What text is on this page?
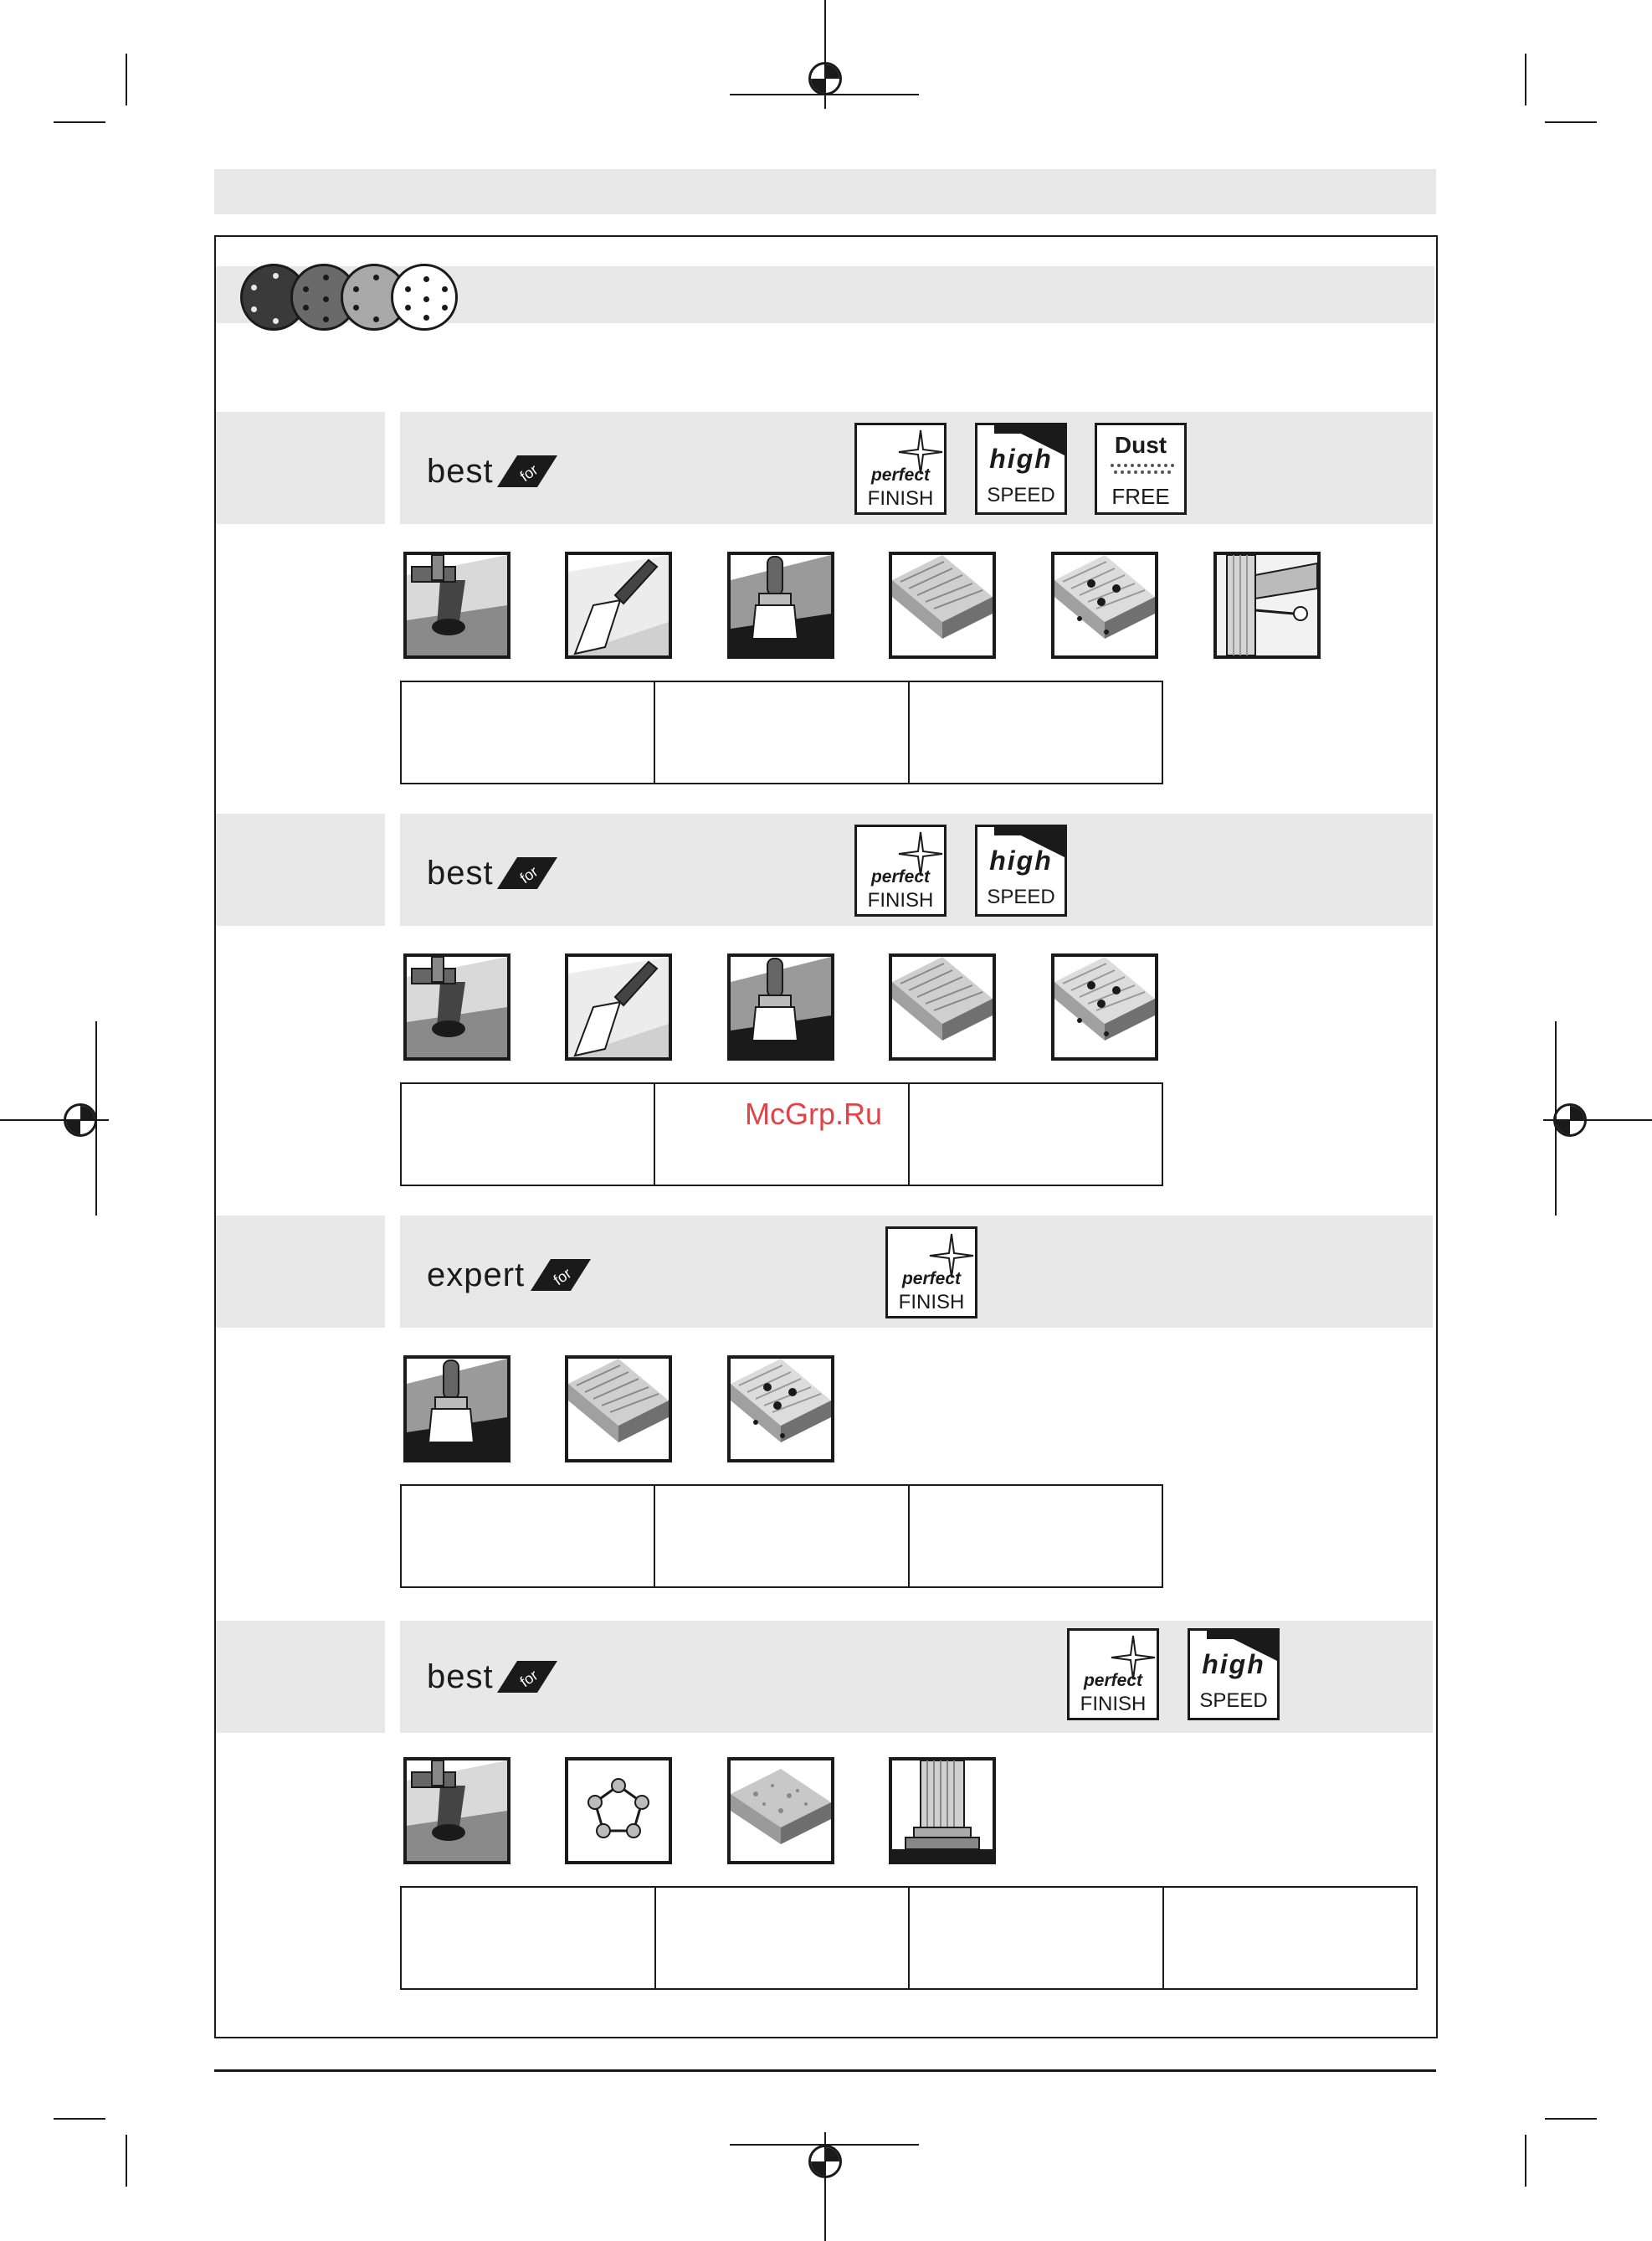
best for	perfect
FINISH
high
SPEED
Dust
FREE
best for	perfect
FINISH
high
SPEED
expert for	perfect
FINISH
best for	perfect
FINISH
high
SPEED
McGrp.Ru
